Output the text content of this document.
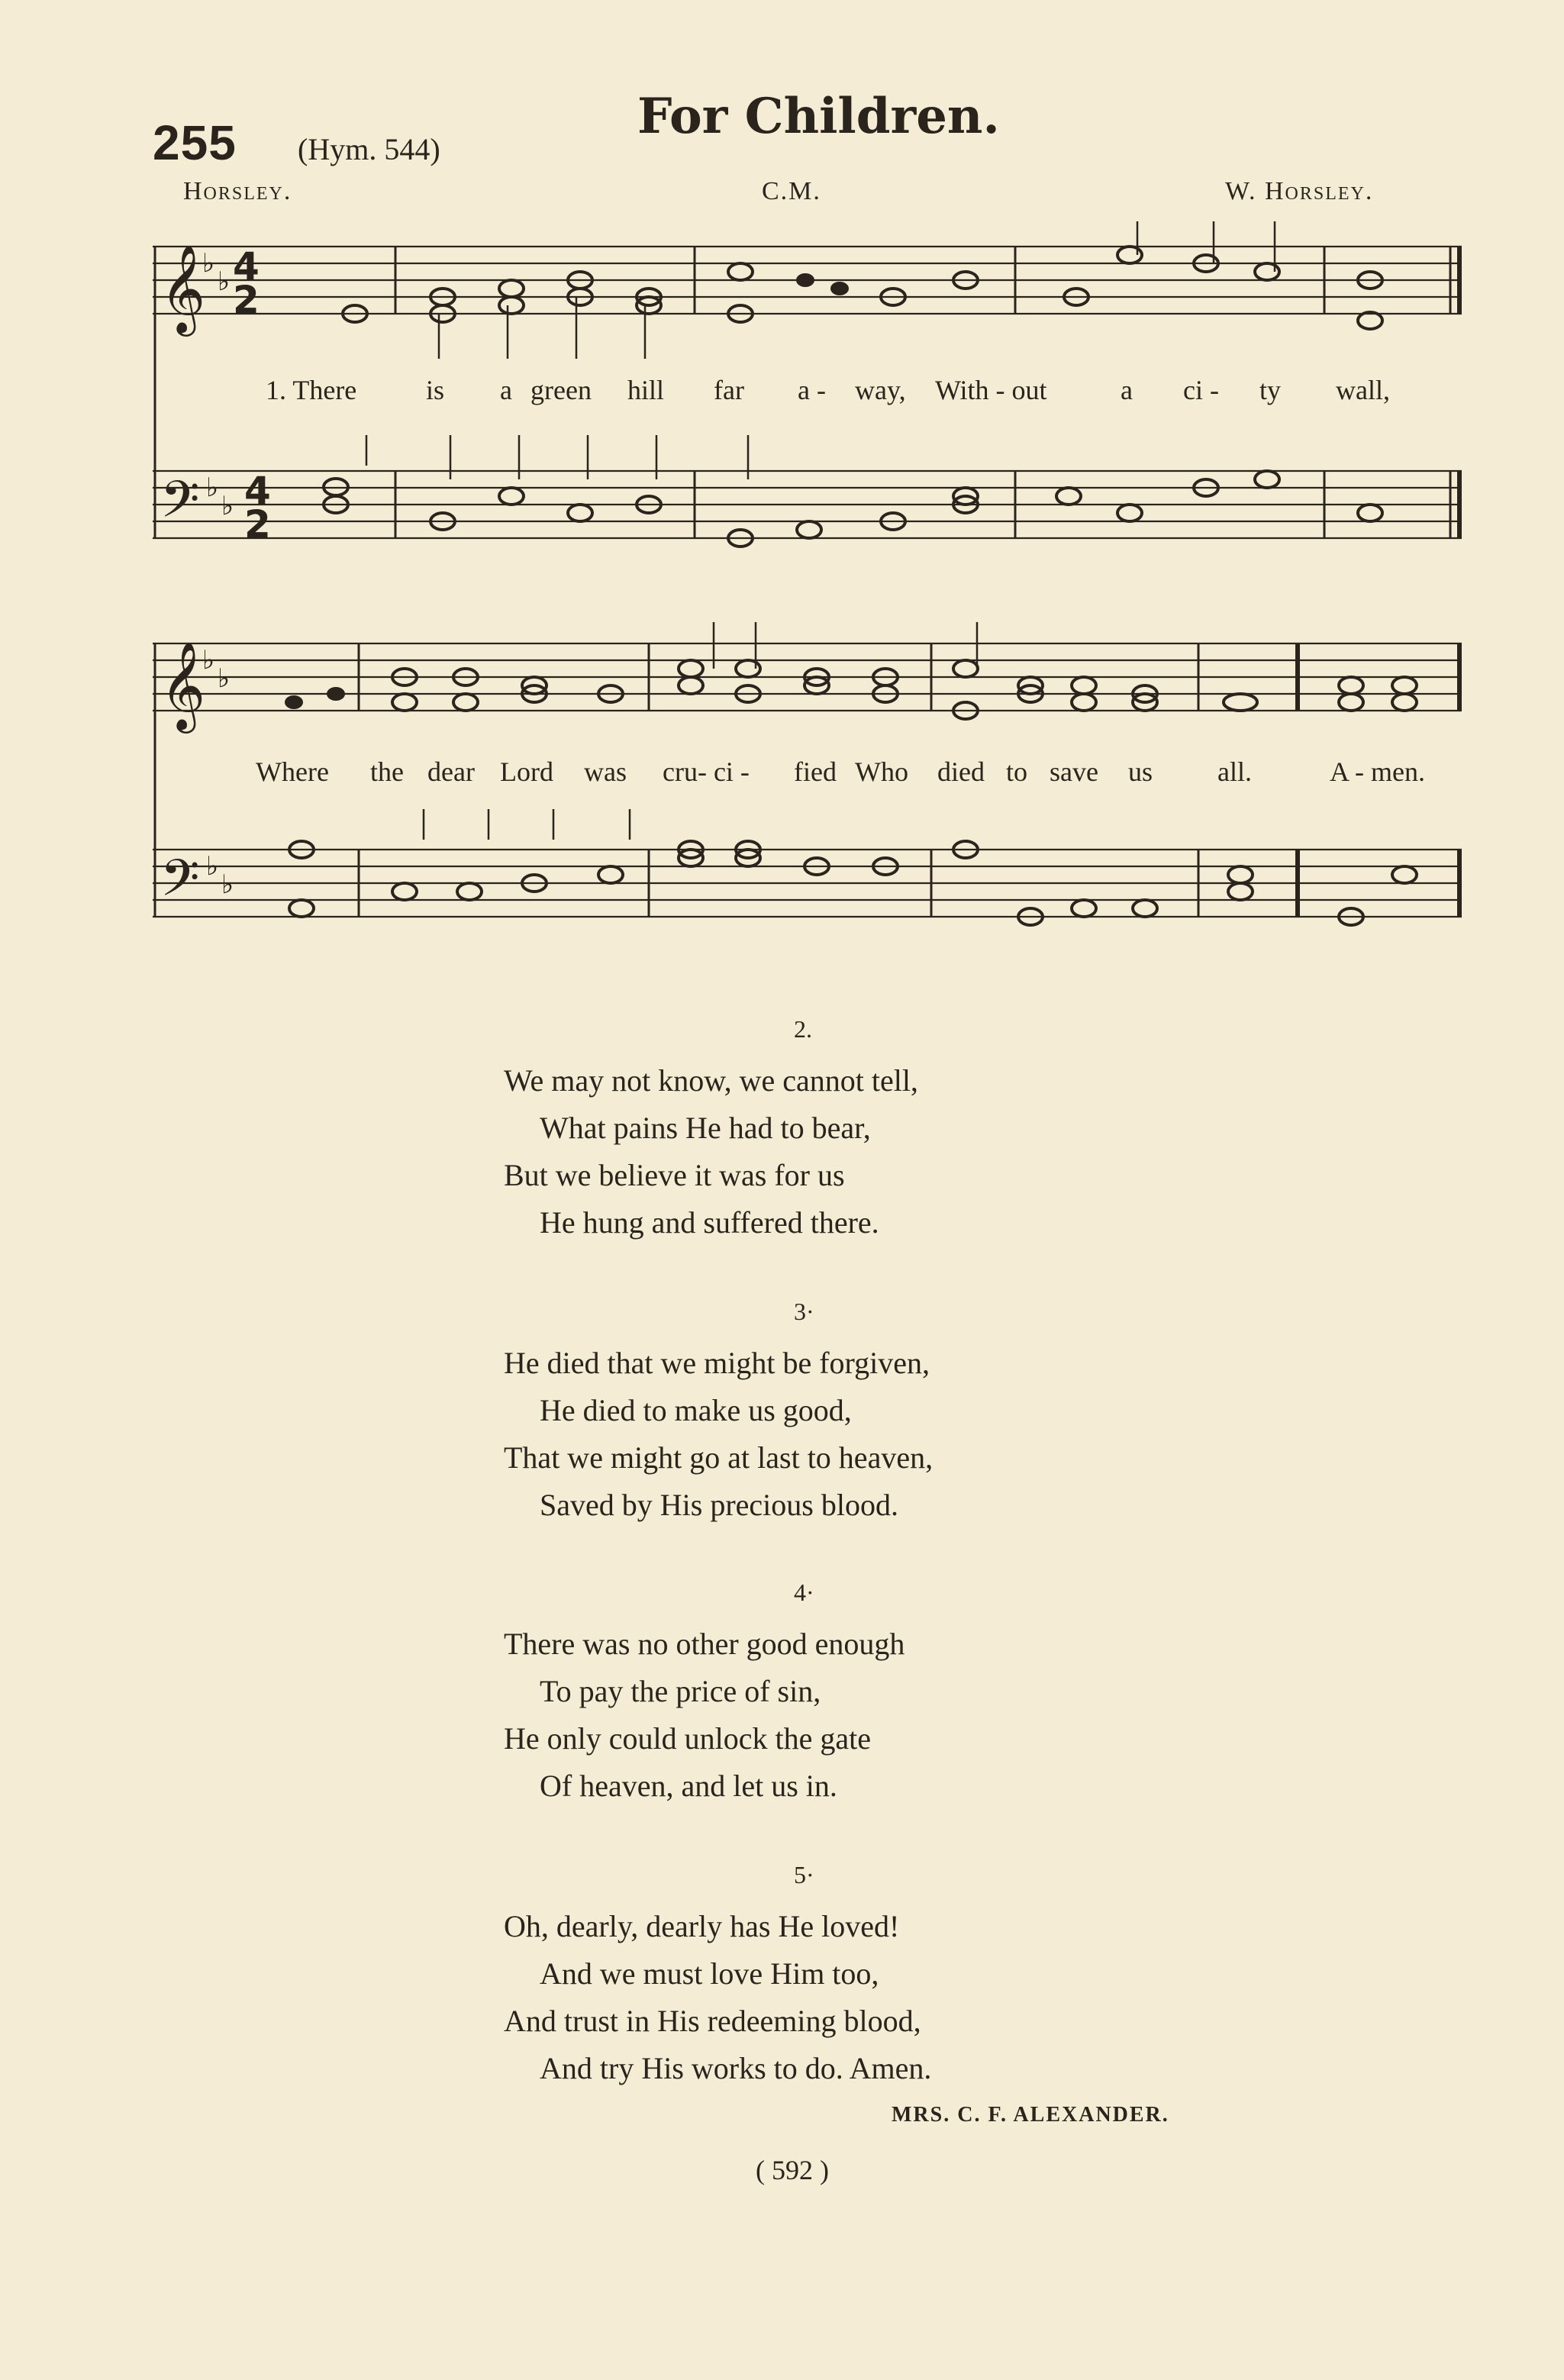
255 (Hym. 544)
For Children.
Horsley.	C.M.	W. Horsley.
𝄞
♭
♭ 4
2
𝄢 ♭
♭ 4
2
𝄞
♭
♭
𝄢 ♭
♭
1. There	is a green hill far a - way, With - out	a ci - ty wall,
Where the dear Lord was cru- ci - fied Who died to save us all.	A - men.
2.
We may not know, we cannot tell,
What pains He had to bear,
But we believe it was for us
He hung and suffered there.
3·
He died that we might be forgiven,
He died to make us good,
That we might go at last to heaven,
Saved by His precious blood.
4·
There was no other good enough
To pay the price of sin,
He only could unlock the gate
Of heaven, and let us in.
5·
Oh, dearly, dearly has He loved!
And we must love Him too,
And trust in His redeeming blood,
And try His works to do. Amen.
MRS. C. F. ALEXANDER.
( 592 )
